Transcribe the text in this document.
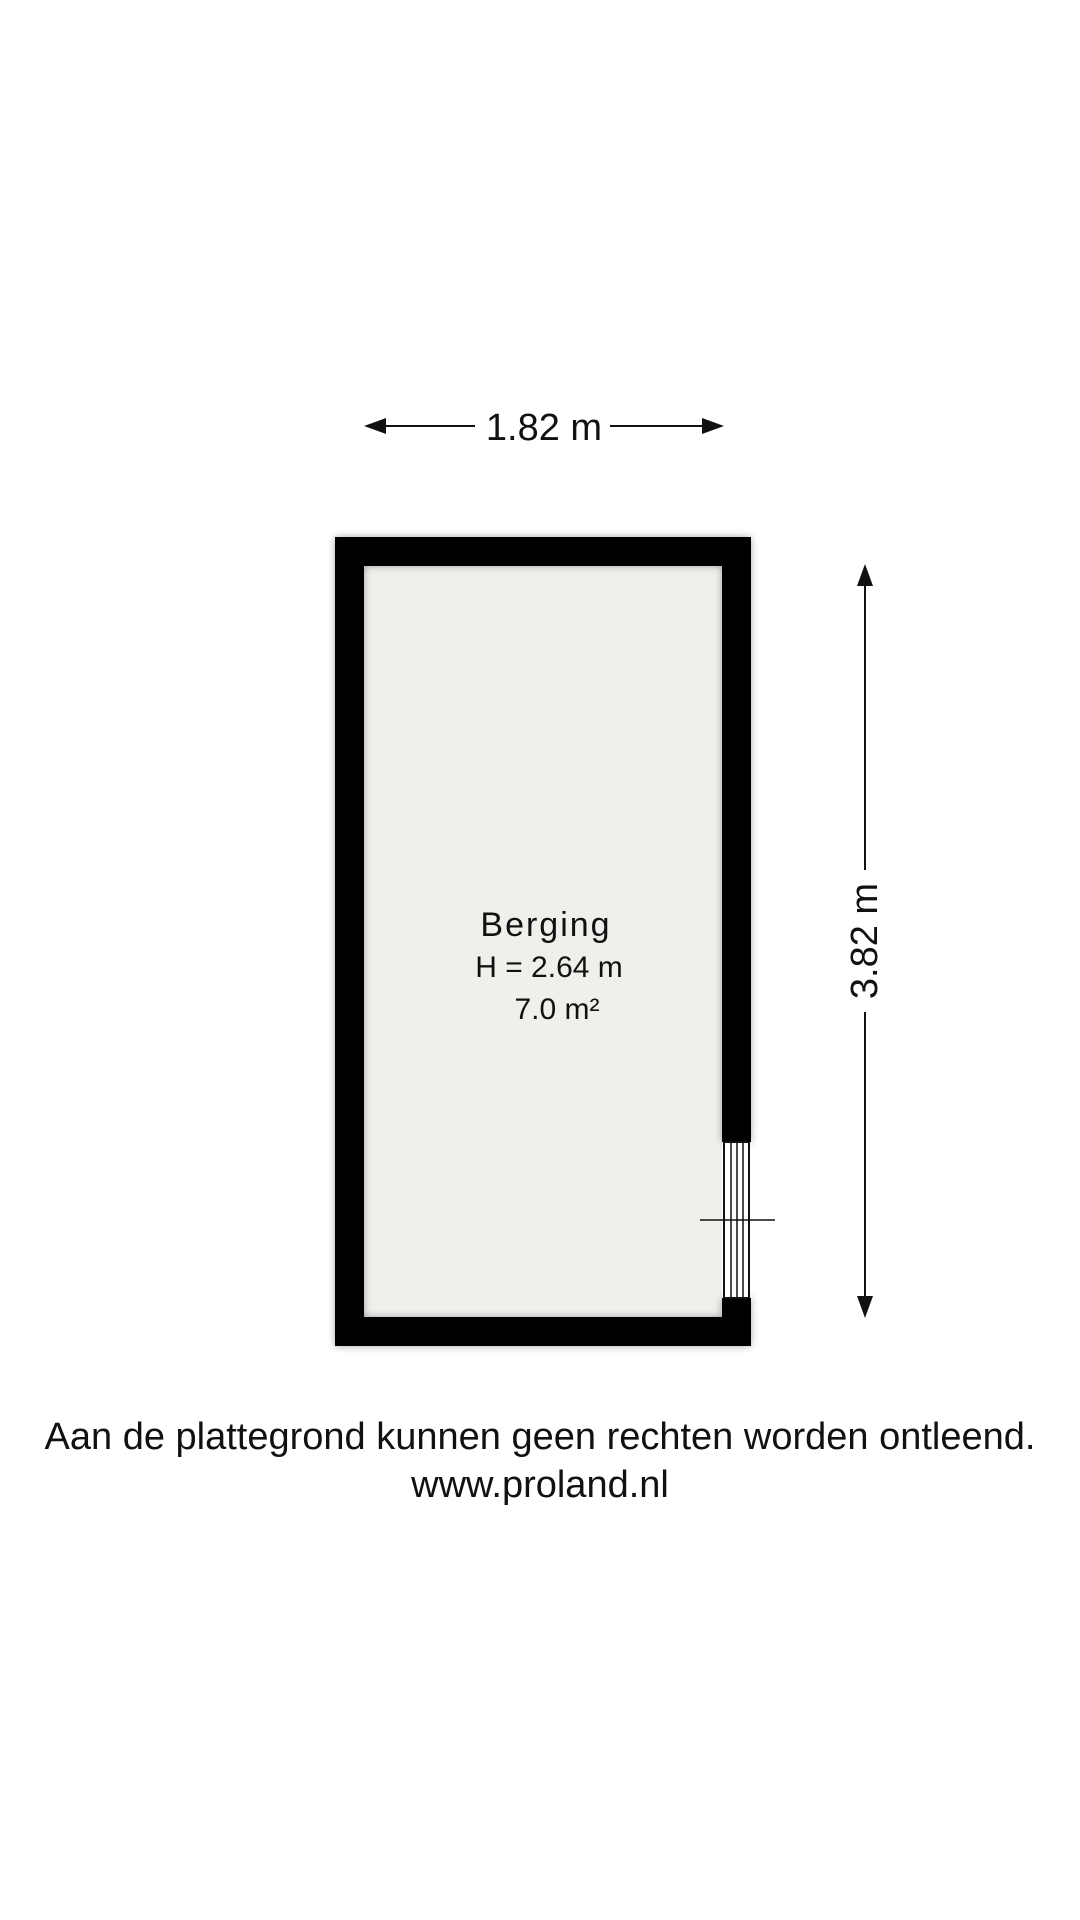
1.82 m
3.82 m
Berging
H = 2.64 m
7.0 m²
Aan de plattegrond kunnen geen rechten worden ontleend.
www.proland.nl
